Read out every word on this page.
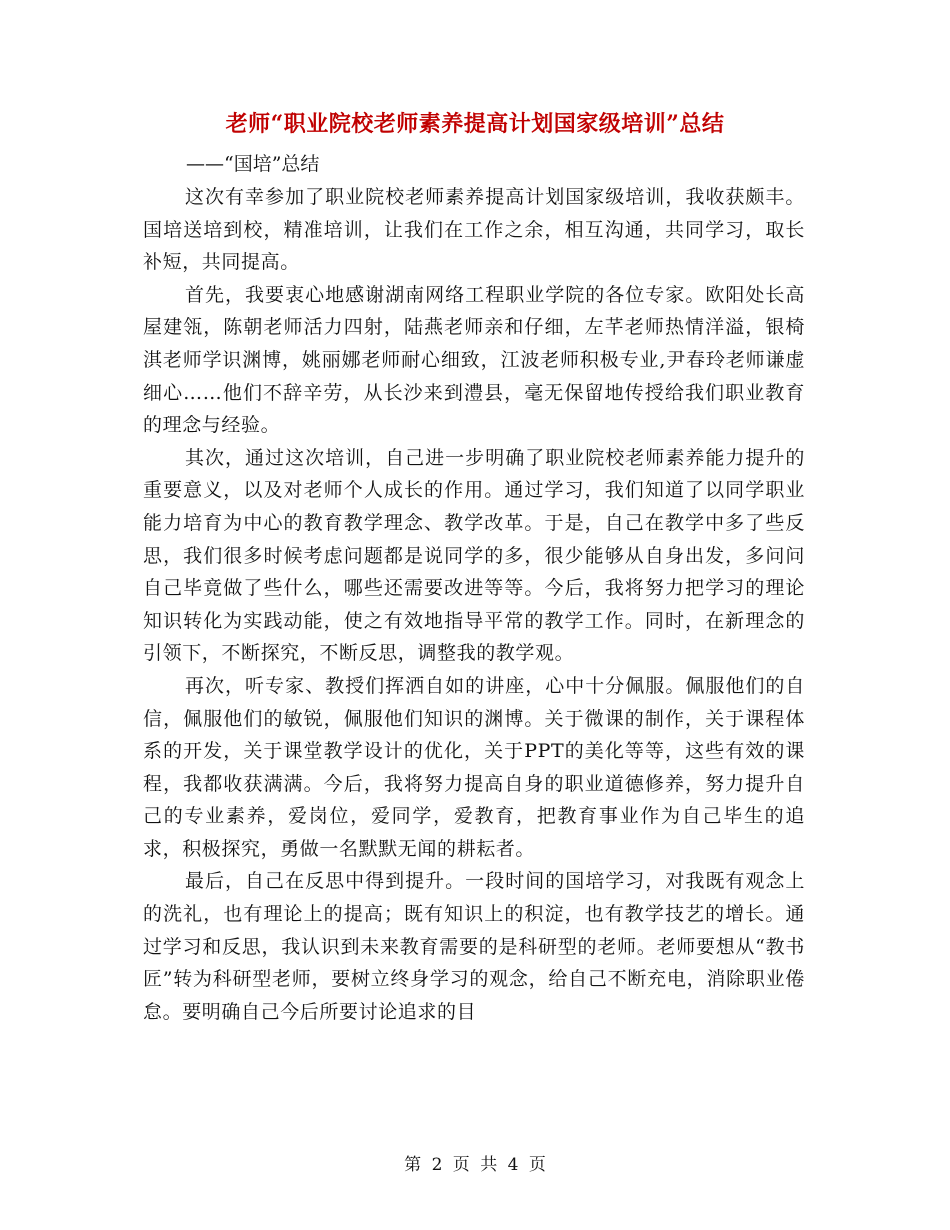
老师“职业院校老师素养提高计划国家级培训”总结
——“国培”总结

这次有幸参加了职业院校老师素养提高计划国家级培训，我收获颇丰。国培送培到校，精准培训，让我们在工作之余，相互沟通，共同学习，取长补短，共同提高。

首先，我要衷心地感谢湖南网络工程职业学院的各位专家。欧阳处长高屋建瓴，陈朝老师活力四射，陆燕老师亲和仔细，左芊老师热情洋溢，银椅淇老师学识渊博，姚丽娜老师耐心细致，江波老师积极专业,尹春玲老师谦虚细心……他们不辞辛劳，从长沙来到澧县，毫无保留地传授给我们职业教育的理念与经验。

其次，通过这次培训，自己进一步明确了职业院校老师素养能力提升的重要意义，以及对老师个人成长的作用。通过学习，我们知道了以同学职业能力培育为中心的教育教学理念、教学改革。于是，自己在教学中多了些反思，我们很多时候考虑问题都是说同学的多，很少能够从自身出发，多问问自己毕竟做了些什么，哪些还需要改进等等。今后，我将努力把学习的理论知识转化为实践动能，使之有效地指导平常的教学工作。同时，在新理念的引领下，不断探究，不断反思，调整我的教学观。

再次，听专家、教授们挥洒自如的讲座，心中十分佩服。佩服他们的自信，佩服他们的敏锐，佩服他们知识的渊博。关于微课的制作，关于课程体系的开发，关于课堂教学设计的优化，关于PPT的美化等等，这些有效的课程，我都收获满满。今后，我将努力提高自身的职业道德修养，努力提升自己的专业素养，爱岗位，爱同学，爱教育，把教育事业作为自己毕生的追求，积极探究，勇做一名默默无闻的耕耘者。

最后，自己在反思中得到提升。一段时间的国培学习，对我既有观念上的洗礼，也有理论上的提高；既有知识上的积淀，也有教学技艺的增长。通过学习和反思，我认识到未来教育需要的是科研型的老师。老师要想从“教书匠”转为科研型老师，要树立终身学习的观念，给自己不断充电，消除职业倦怠。要明确自己今后所要讨论追求的目

第 2 页 共 4 页
